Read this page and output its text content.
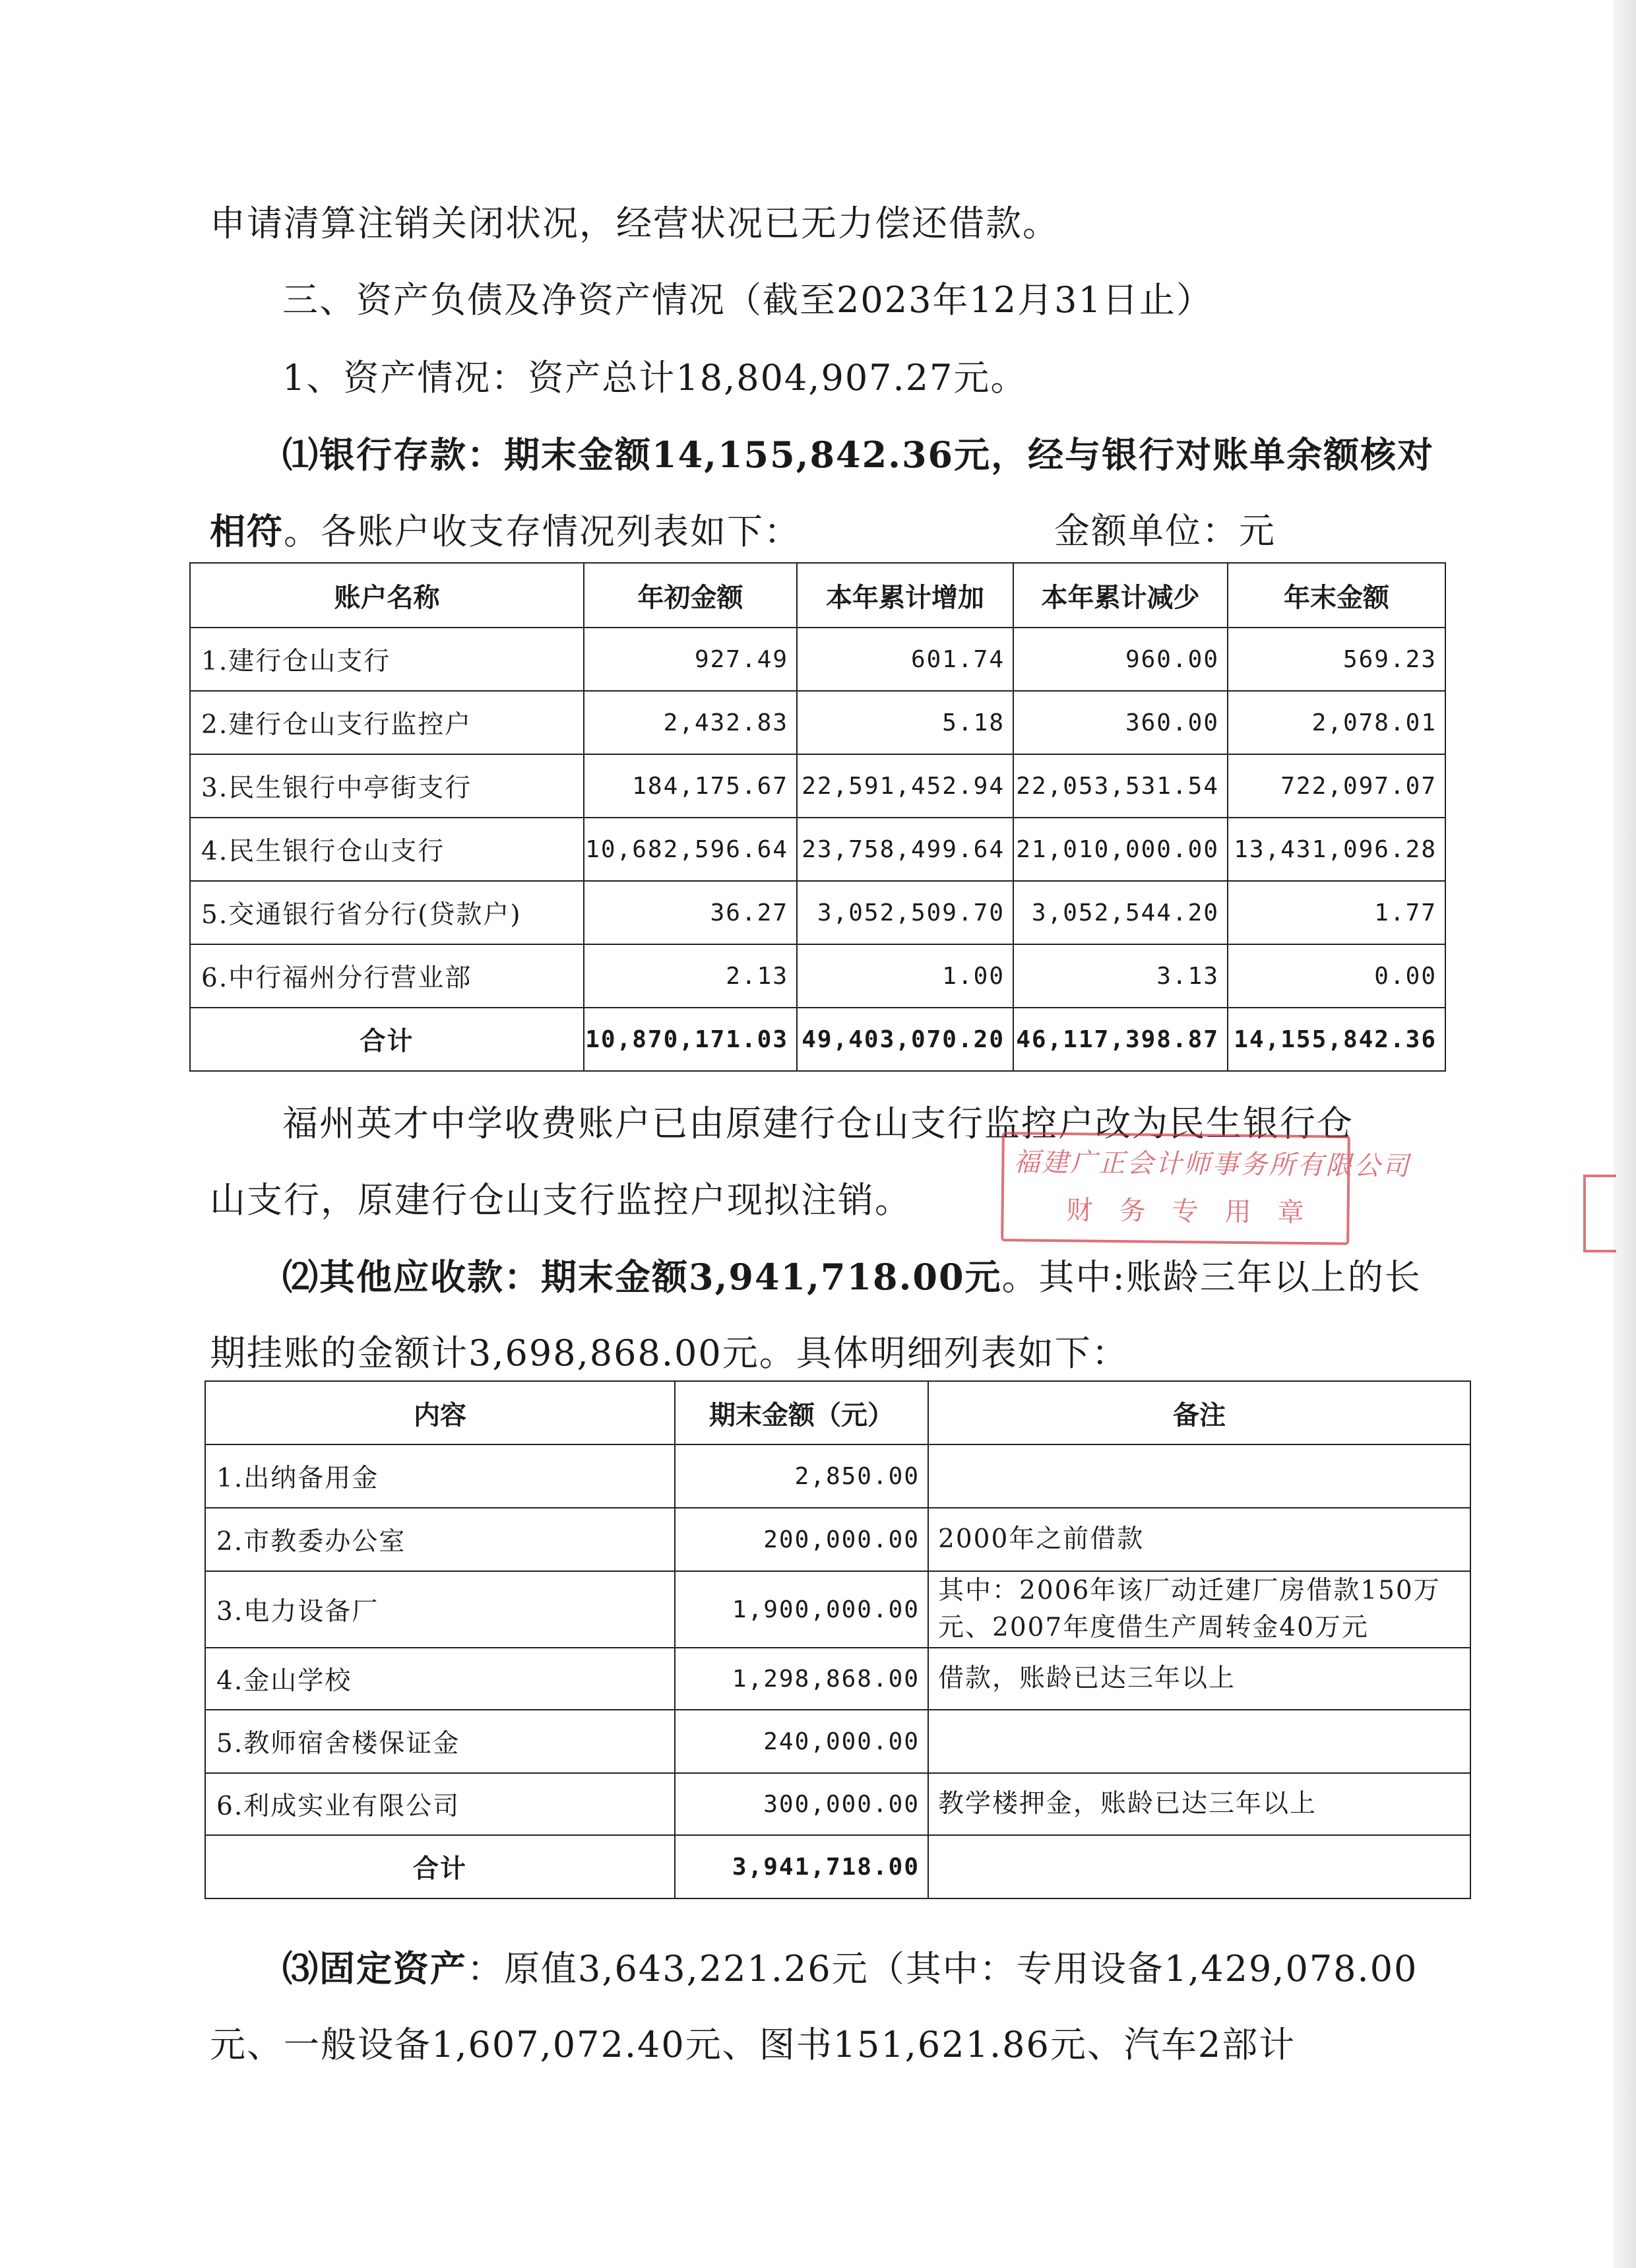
申请清算注销关闭状况，经营状况已无力偿还借款。
三、资产负债及净资产情况（截至2023年12月31日止）
1、资产情况：资产总计18,804,907.27元。
⑴银行存款：期末金额14,155,842.36元，经与银行对账单余额核对
相符。各账户收支存情况列表如下：	金额单位：元
账户名称	年初金额	本年累计增加	本年累计减少	年末金额
1.建行仓山支行	927.49	601.74	960.00	569.23
2.建行仓山支行监控户	2,432.83	5.18	360.00	2,078.01
3.民生银行中亭街支行	184,175.67	22,591,452.94	22,053,531.54	722,097.07
4.民生银行仓山支行	10,682,596.64	23,758,499.64	21,010,000.00	13,431,096.28
5.交通银行省分行(贷款户)	36.27	3,052,509.70	3,052,544.20	1.77
6.中行福州分行营业部	2.13	1.00	3.13	0.00
合计	10,870,171.03	49,403,070.20	46,117,398.87	14,155,842.36
福州英才中学收费账户已由原建行仓山支行监控户改为民生银行仓
山支行，原建行仓山支行监控户现拟注销。
⑵其他应收款：期末金额3,941,718.00元。其中:账龄三年以上的长
期挂账的金额计3,698,868.00元。具体明细列表如下：
内容	期末金额（元）	备注
1.出纳备用金	2,850.00	
2.市教委办公室	200,000.00	2000年之前借款
3.电力设备厂	1,900,000.00	其中：2006年该厂动迁建厂房借款150万元、2007年度借生产周转金40万元
4.金山学校	1,298,868.00	借款，账龄已达三年以上
5.教师宿舍楼保证金	240,000.00	
6.利成实业有限公司	300,000.00	教学楼押金，账龄已达三年以上
合计	3,941,718.00	
⑶固定资产：原值3,643,221.26元（其中：专用设备1,429,078.00
元、一般设备1,607,072.40元、图书151,621.86元、汽车2部计
福建广正会计师事务所有限公司
财务专用章
